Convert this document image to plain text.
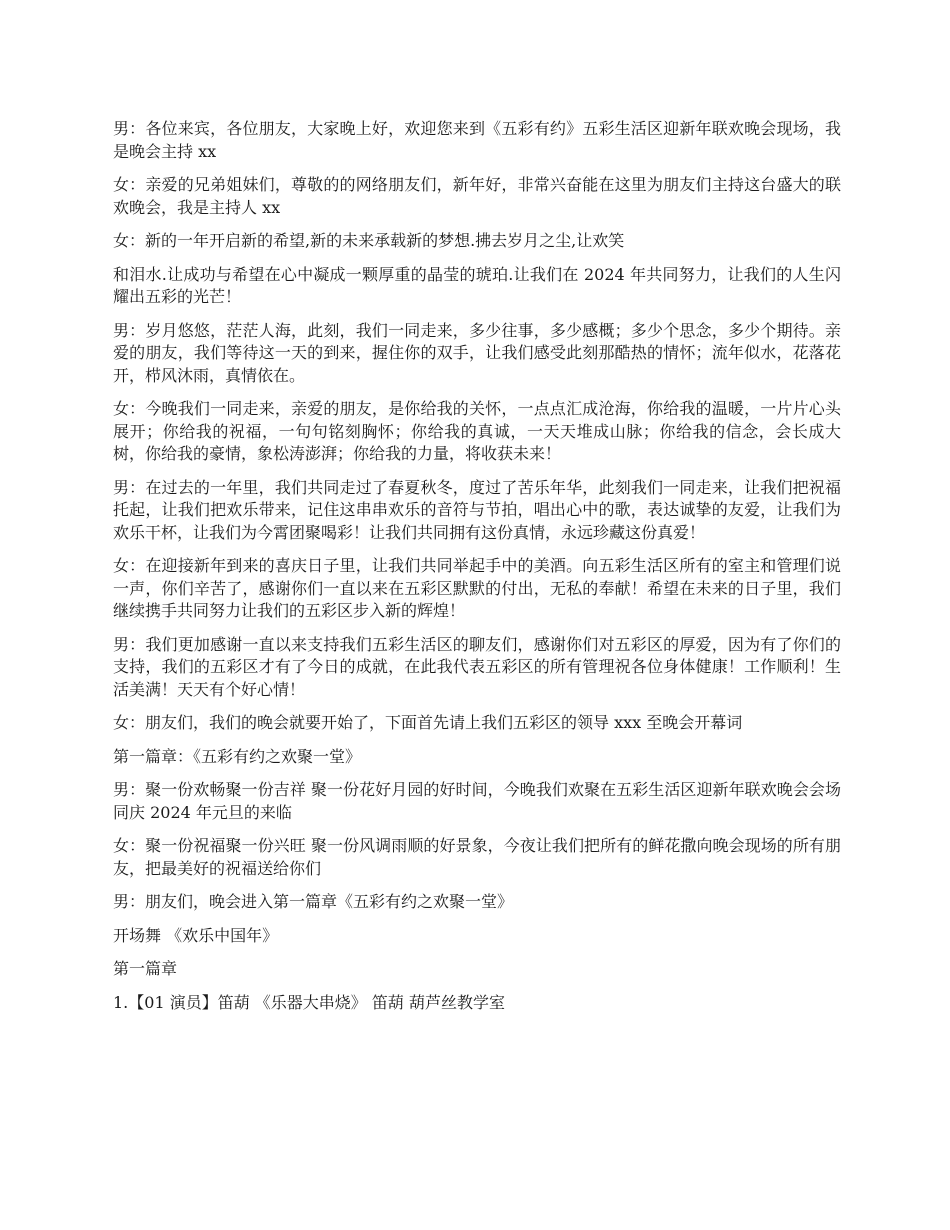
男：各位来宾，各位朋友，大家晚上好，欢迎您来到《五彩有约》五彩生活区迎新年联欢晚会现场，我是晚会主持 xx

女：亲爱的兄弟姐妹们，尊敬的的网络朋友们，新年好，非常兴奋能在这里为朋友们主持这台盛大的联欢晚会，我是主持人 xx

女：新的一年开启新的希望,新的未来承载新的梦想.拂去岁月之尘,让欢笑

和泪水.让成功与希望在心中凝成一颗厚重的晶莹的琥珀.让我们在 2024 年共同努力，让我们的人生闪耀出五彩的光芒！

男：岁月悠悠，茫茫人海，此刻，我们一同走来，多少往事，多少感概；多少个思念，多少个期待。亲爱的朋友，我们等待这一天的到来，握住你的双手，让我们感受此刻那酷热的情怀；流年似水，花落花开，栉风沐雨，真情依在。

女：今晚我们一同走来，亲爱的朋友，是你给我的关怀，一点点汇成沧海，你给我的温暖，一片片心头展开；你给我的祝福，一句句铭刻胸怀；你给我的真诚，一天天堆成山脉；你给我的信念，会长成大树，你给我的豪情，象松涛澎湃；你给我的力量，将收获未来！

男：在过去的一年里，我们共同走过了春夏秋冬，度过了苦乐年华，此刻我们一同走来，让我们把祝福托起，让我们把欢乐带来，记住这串串欢乐的音符与节拍，唱出心中的歌，表达诚挚的友爱，让我们为欢乐干杯，让我们为今霄团聚喝彩！让我们共同拥有这份真情，永远珍藏这份真爱！

女：在迎接新年到来的喜庆日子里，让我们共同举起手中的美酒。向五彩生活区所有的室主和管理们说一声，你们辛苦了，感谢你们一直以来在五彩区默默的付出，无私的奉献！希望在未来的日子里，我们继续携手共同努力让我们的五彩区步入新的辉煌！

男：我们更加感谢一直以来支持我们五彩生活区的聊友们，感谢你们对五彩区的厚爱，因为有了你们的支持，我们的五彩区才有了今日的成就，在此我代表五彩区的所有管理祝各位身体健康！工作顺利！生活美满！天天有个好心情！

女：朋友们，我们的晚会就要开始了，下面首先请上我们五彩区的领导 xxx 至晚会开幕词

第一篇章：《五彩有约之欢聚一堂》

男：聚一份欢畅聚一份吉祥 聚一份花好月园的好时间，今晚我们欢聚在五彩生活区迎新年联欢晚会会场同庆 2024 年元旦的来临

女：聚一份祝福聚一份兴旺 聚一份风调雨顺的好景象，今夜让我们把所有的鲜花撒向晚会现场的所有朋友，把最美好的祝福送给你们

男：朋友们，晚会进入第一篇章《五彩有约之欢聚一堂》

开场舞 《欢乐中国年》

第一篇章

1.【01 演员】笛葫 《乐器大串烧》 笛葫 葫芦丝教学室
